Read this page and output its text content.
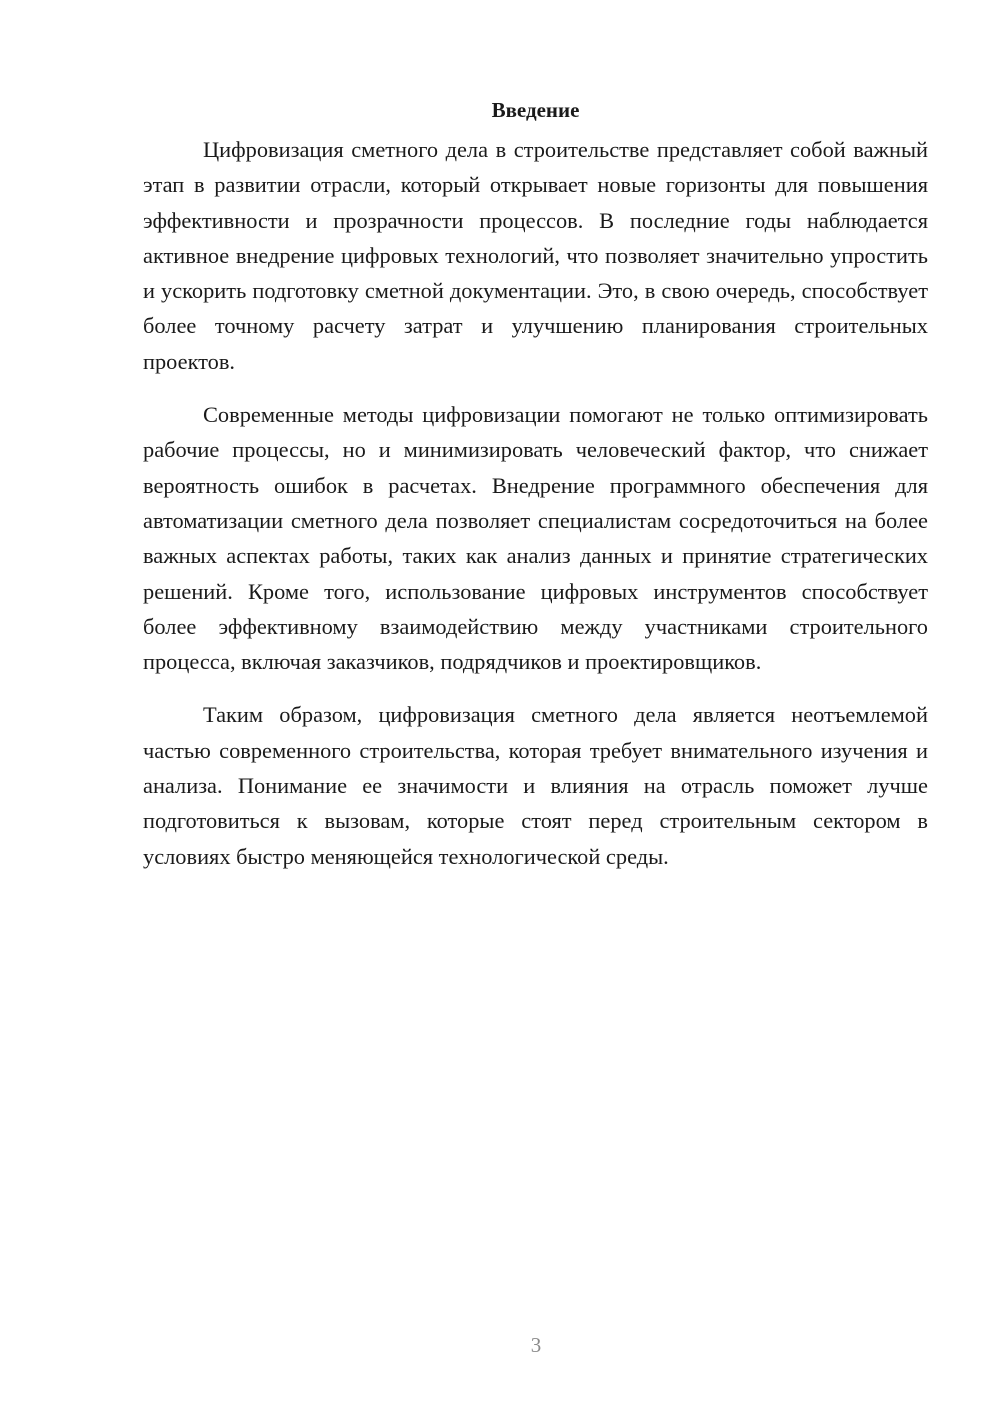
Введение

Цифровизация сметного дела в строительстве представляет собой важный этап в развитии отрасли, который открывает новые горизонты для повышения эффективности и прозрачности процессов. В последние годы наблюдается активное внедрение цифровых технологий, что позволяет значительно упростить и ускорить подготовку сметной документации. Это, в свою очередь, способствует более точному расчету затрат и улучшению планирования строительных проектов.

Современные методы цифровизации помогают не только оптимизировать рабочие процессы, но и минимизировать человеческий фактор, что снижает вероятность ошибок в расчетах. Внедрение программного обеспечения для автоматизации сметного дела позволяет специалистам сосредоточиться на более важных аспектах работы, таких как анализ данных и принятие стратегических решений. Кроме того, использование цифровых инструментов способствует более эффективному взаимодействию между участниками строительного процесса, включая заказчиков, подрядчиков и проектировщиков.

Таким образом, цифровизация сметного дела является неотъемлемой частью современного строительства, которая требует внимательного изучения и анализа. Понимание ее значимости и влияния на отрасль поможет лучше подготовиться к вызовам, которые стоят перед строительным сектором в условиях быстро меняющейся технологической среды.

3
